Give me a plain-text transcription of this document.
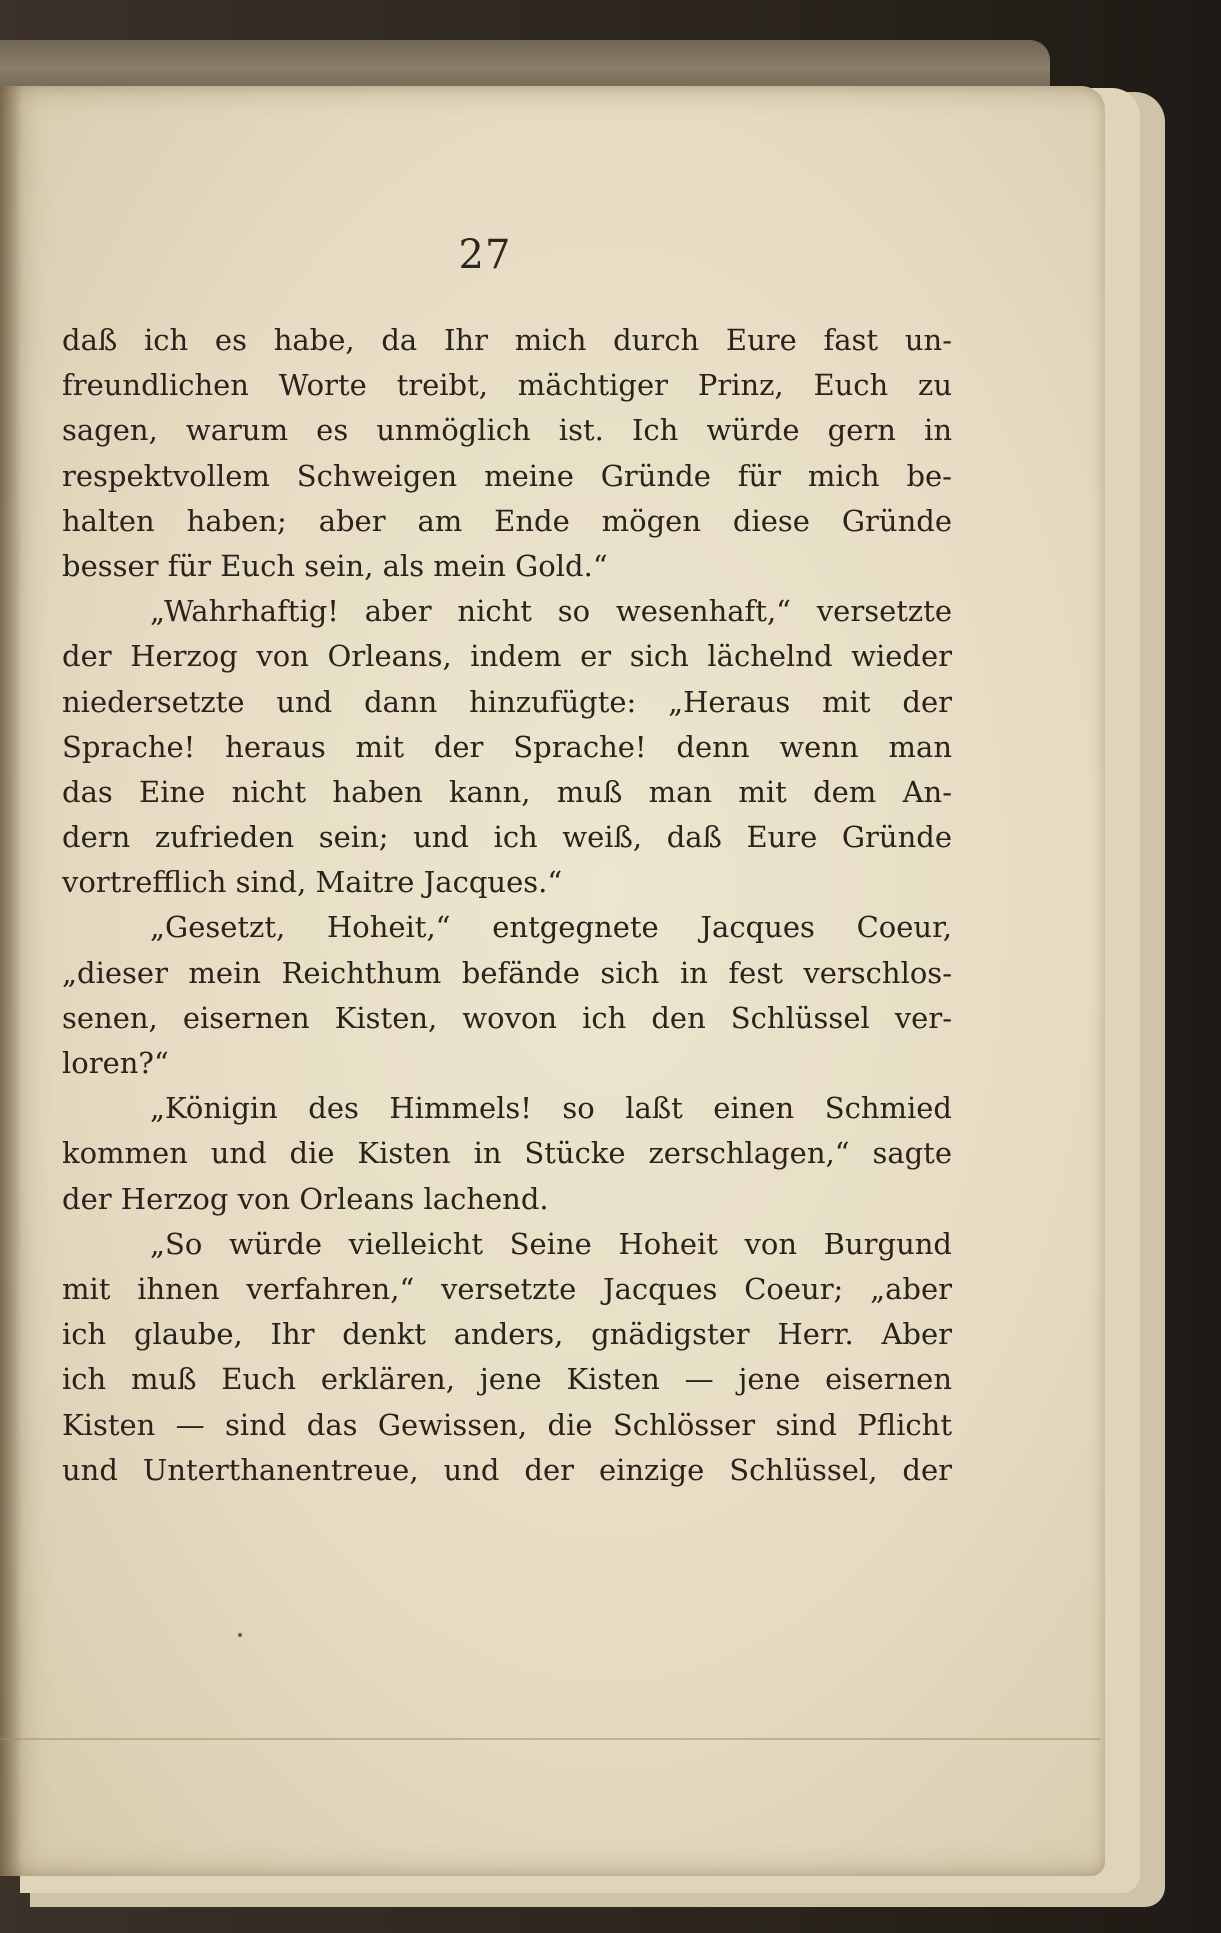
27
daß ich es habe, da Ihr mich durch Eure fast un-
freundlichen Worte treibt, mächtiger Prinz, Euch zu
sagen, warum es unmöglich ist. Ich würde gern in
respektvollem Schweigen meine Gründe für mich be-
halten haben; aber am Ende mögen diese Gründe
besser für Euch sein, als mein Gold.“
„Wahrhaftig! aber nicht so wesenhaft,“ versetzte
der Herzog von Orleans, indem er sich lächelnd wieder
niedersetzte und dann hinzufügte: „Heraus mit der
Sprache! heraus mit der Sprache! denn wenn man
das Eine nicht haben kann, muß man mit dem An-
dern zufrieden sein; und ich weiß, daß Eure Gründe
vortrefflich sind, Maitre Jacques.“
„Gesetzt, Hoheit,“ entgegnete Jacques Coeur,
„dieser mein Reichthum befände sich in fest verschlos-
senen, eisernen Kisten, wovon ich den Schlüssel ver-
loren?“
„Königin des Himmels! so laßt einen Schmied
kommen und die Kisten in Stücke zerschlagen,“ sagte
der Herzog von Orleans lachend.
„So würde vielleicht Seine Hoheit von Burgund
mit ihnen verfahren,“ versetzte Jacques Coeur; „aber
ich glaube, Ihr denkt anders, gnädigster Herr. Aber
ich muß Euch erklären, jene Kisten — jene eisernen
Kisten — sind das Gewissen, die Schlösser sind Pflicht
und Unterthanentreue, und der einzige Schlüssel, der
